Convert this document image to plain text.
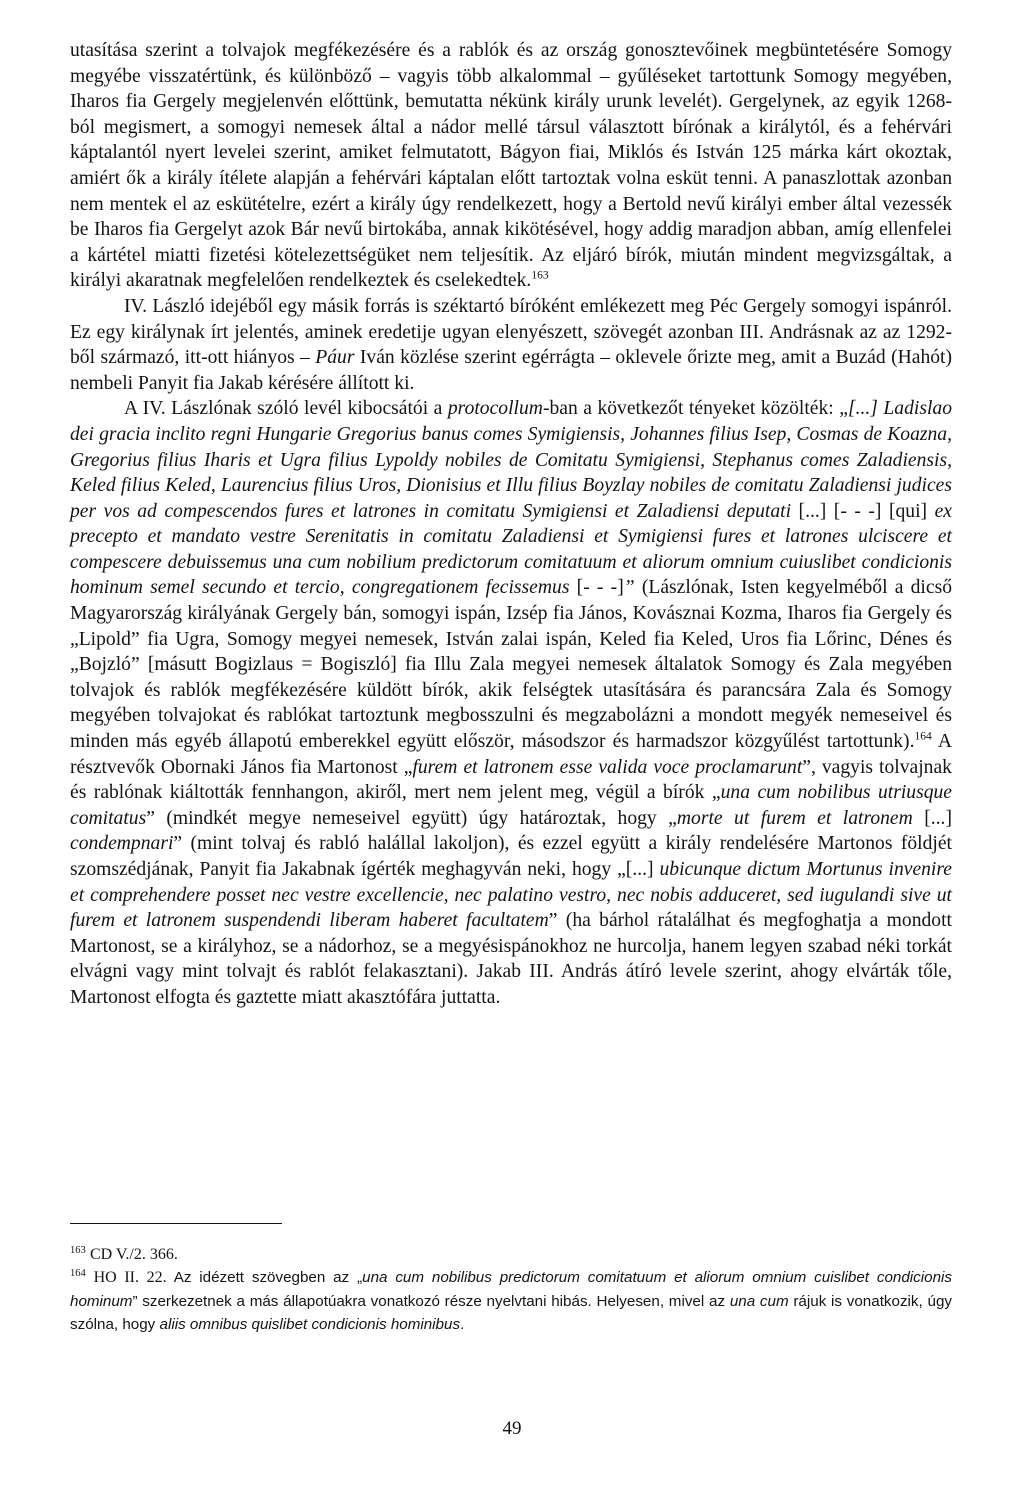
utasítása szerint a tolvajok megfékezésére és a rablók és az ország gonosztevőinek megbüntetésére Somogy megyébe visszatértünk, és különböző – vagyis több alkalommal – gyűléseket tartottunk Somogy megyében, Iharos fia Gergely megjelenvén előttünk, bemutatta nékünk király urunk levelét). Gergelynek, az egyik 1268-ból megismert, a somogyi nemesek által a nádor mellé társul választott bírónak a királytól, és a fehérvári káptalantól nyert levelei szerint, amiket felmutatott, Bágyon fiai, Miklós és István 125 márka kárt okoztak, amiért ők a király ítélete alapján a fehérvári káptalan előtt tartoztak volna esküt tenni. A panaszlottak azonban nem mentek el az eskütételre, ezért a király úgy rendelkezett, hogy a Bertold nevű királyi ember által vezessék be Iharos fia Gergelyt azok Bár nevű birtokába, annak kikötésével, hogy addig maradjon abban, amíg ellenfelei a kártétel miatti fizetési kötelezettségüket nem teljesítik. Az eljáró bírók, miután mindent megvizsgáltak, a királyi akaratnak megfelelően rendelkeztek és cselekedtek.$^{163}$

IV. László idejéből egy másik forrás is széktartó bíróként emlékezett meg Péc Gergely somogyi ispánról. Ez egy királynak írt jelentés, aminek eredetije ugyan elenyészett, szövegét azonban III. Andrásnak az az 1292-ből származó, itt-ott hiányos – Páur Iván közlése szerint egérrágta – oklevele őrizte meg, amit a Buzád (Hahót) nembeli Panyit fia Jakab kérésére állított ki.

A IV. Lászlónak szóló levél kibocsátói a protocollum-ban a következőt tényeket közölték: „[...] Ladislao dei gracia inclito regni Hungarie Gregorius banus comes Symigiensis, Johannes filius Isep, Cosmas de Koazna, Gregorius filius Iharis et Ugra filius Lypoldy nobiles de Comitatu Symigiensi, Stephanus comes Zaladiensis, Keled filius Keled, Laurencius filius Uros, Dionisius et Illu filius Boyzlay nobiles de comitatu Zaladiensi judices per vos ad compescendos fures et latrones in comitatu Symigiensi et Zaladiensi deputati [...] [- - -] [qui] ex precepto et mandato vestre Serenitatis in comitatu Zaladiensi et Symigiensi fures et latrones ulciscere et compescere debuissemus una cum nobilium predictorum comitatuum et aliorum omnium cuiuslibet condicionis hominum semel secundo et tercio, congregationem fecissemus [- - -]” (Lászlónak, Isten kegyelméből a dicső Magyarország királyának Gergely bán, somogyi ispán, Izsép fia János, Kovásznai Kozma, Iharos fia Gergely és „Lipold” fia Ugra, Somogy megyei nemesek, István zalai ispán, Keled fia Keled, Uros fia Lőrinc, Dénes és „Bojzló” [másutt Bogizlaus = Bogiszló] fia Illu Zala megyei nemesek általatok Somogy és Zala megyében tolvajok és rablók megfékezésére küldött bírók, akik felségtek utasítására és parancsára Zala és Somogy megyében tolvajokat és rablókat tartoztunk megbosszulni és megzabolázni a mondott megyék nemeseivel és minden más egyéb állapotú emberekkel együtt először, másodszor és harmadszor közgyűlést tartottunk).$^{164}$ A résztvevők Obornaki János fia Martonost „furem et latronem esse valida voce proclamarunt”, vagyis tolvajnak és rablónak kiáltották fennhangon, akiről, mert nem jelent meg, végül a bírók „una cum nobilibus utriusque comitatus” (mindkét megye nemeseivel együtt) úgy határoztak, hogy „morte ut furem et latronem [...] condempnari” (mint tolvaj és rabló halállal lakoljon), és ezzel együtt a király rendelésére Martonos földjét szomszédjának, Panyit fia Jakabnak ígérték meghagyván neki, hogy „[...] ubicunque dictum Mortunus invenire et comprehendere posset nec vestre excellencie, nec palatino vestro, nec nobis adduceret, sed iugulandi sive ut furem et latronem suspendendi liberam haberet facultatem” (ha bárhol rátalálhat és megfoghatja a mondott Martonost, se a királyhoz, se a nádorhoz, se a megyésispánokhoz ne hurcolja, hanem legyen szabad néki torkát elvágni vagy mint tolvajt és rablót felakasztani). Jakab III. András átíró levele szerint, ahogy elvárták tőle, Martonost elfogta és gaztette miatt akasztófára juttatta.

$^{163}$ CD V./2. 366.

$^{164}$ HO II. 22. Az idézett szövegben az „una cum nobilibus predictorum comitatuum et aliorum omnium cuislibet condicionis hominum” szerkezetnek a más állapotúakra vonatkozó része nyelvtani hibás. Helyesen, mivel az una cum rájuk is vonatkozik, úgy szólna, hogy aliis omnibus quislibet condicionis hominibus.

49
